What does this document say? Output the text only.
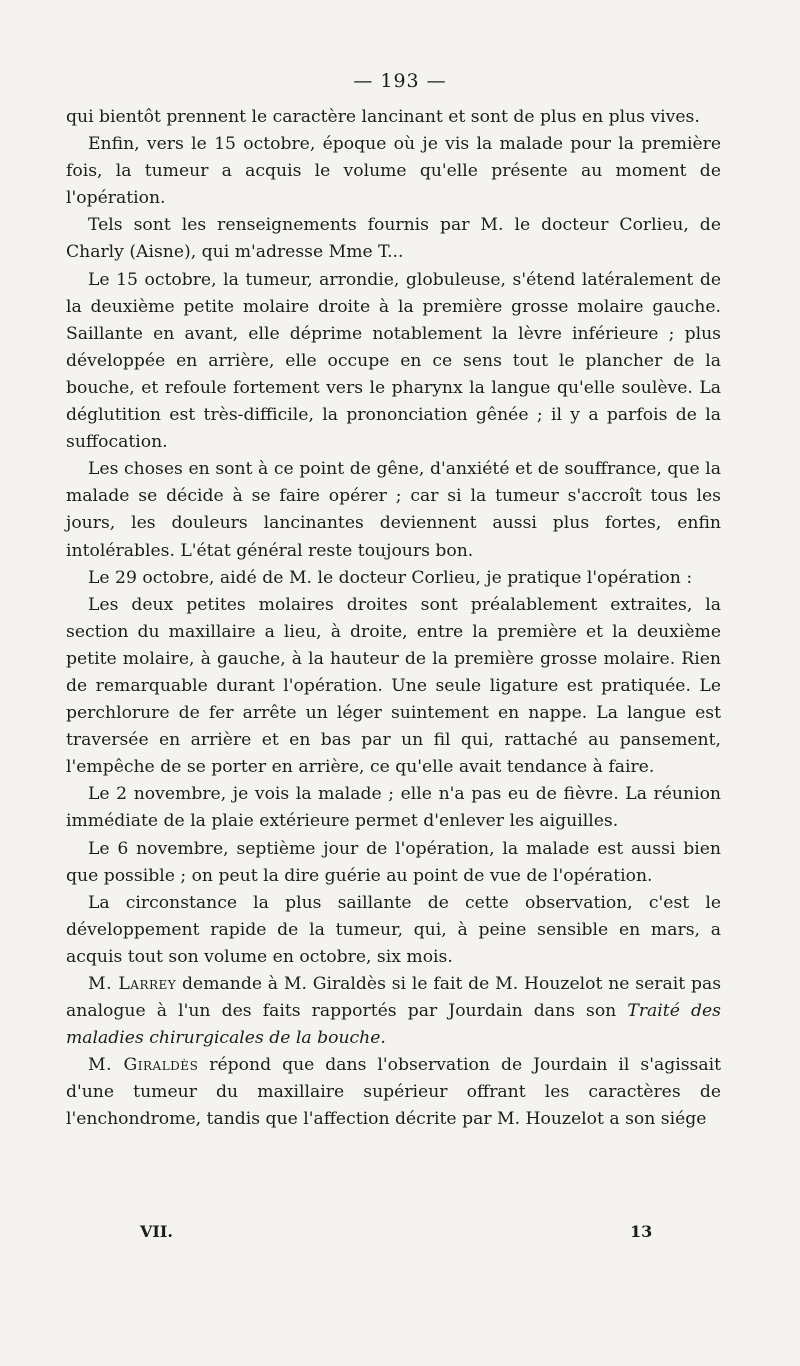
— 193 —

qui bientôt prennent le caractère lancinant et sont de plus en plus vives.

Enfin, vers le 15 octobre, époque où je vis la malade pour la première fois, la tumeur a acquis le volume qu'elle présente au moment de l'opération.

Tels sont les renseignements fournis par M. le docteur Corlieu, de Charly (Aisne), qui m'adresse Mme T...

Le 15 octobre, la tumeur, arrondie, globuleuse, s'étend latéralement de la deuxième petite molaire droite à la première grosse molaire gauche. Saillante en avant, elle déprime notablement la lèvre inférieure ; plus développée en arrière, elle occupe en ce sens tout le plancher de la bouche, et refoule fortement vers le pharynx la langue qu'elle soulève. La déglutition est très-difficile, la prononciation gênée ; il y a parfois de la suffocation.

Les choses en sont à ce point de gêne, d'anxiété et de souffrance, que la malade se décide à se faire opérer ; car si la tumeur s'accroît tous les jours, les douleurs lancinantes deviennent aussi plus fortes, enfin intolérables. L'état général reste toujours bon.

Le 29 octobre, aidé de M. le docteur Corlieu, je pratique l'opération :

Les deux petites molaires droites sont préalablement extraites, la section du maxillaire a lieu, à droite, entre la première et la deuxième petite molaire, à gauche, à la hauteur de la première grosse molaire. Rien de remarquable durant l'opération. Une seule ligature est pratiquée. Le perchlorure de fer arrête un léger suintement en nappe. La langue est traversée en arrière et en bas par un fil qui, rattaché au pansement, l'empêche de se porter en arrière, ce qu'elle avait tendance à faire.

Le 2 novembre, je vois la malade ; elle n'a pas eu de fièvre. La réunion immédiate de la plaie extérieure permet d'enlever les aiguilles.

Le 6 novembre, septième jour de l'opération, la malade est aussi bien que possible ; on peut la dire guérie au point de vue de l'opération.

La circonstance la plus saillante de cette observation, c'est le développement rapide de la tumeur, qui, à peine sensible en mars, a acquis tout son volume en octobre, six mois.

M. Larrey demande à M. Giraldès si le fait de M. Houzelot ne serait pas analogue à l'un des faits rapportés par Jourdain dans son Traité des maladies chirurgicales de la bouche.

M. Giraldès répond que dans l'observation de Jourdain il s'agissait d'une tumeur du maxillaire supérieur offrant les caractères de l'enchondrome, tandis que l'affection décrite par M. Houzelot a son siége

VII.	13
